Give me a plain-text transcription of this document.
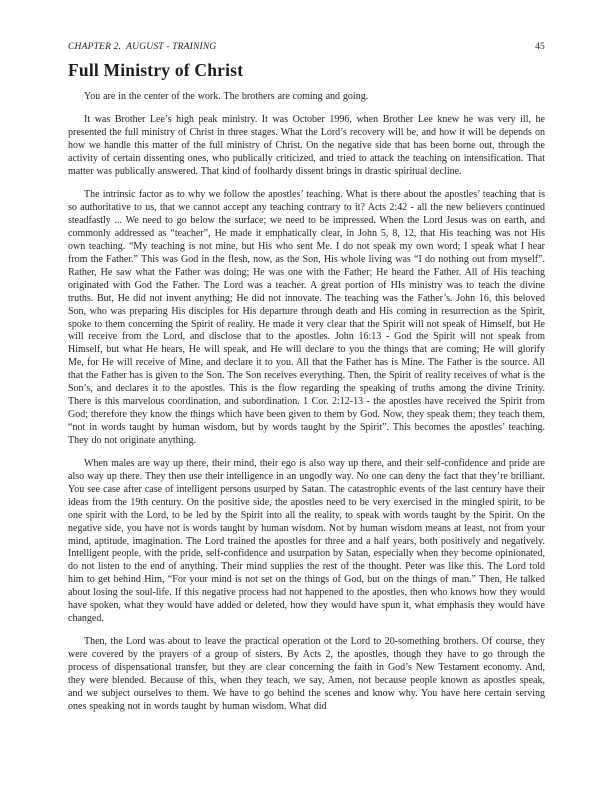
CHAPTER 2.  AUGUST - TRAINING	45
Full Ministry of Christ

You are in the center of the work. The brothers are coming and going.

It was Brother Lee’s high peak ministry. It was October 1996, when Brother Lee knew he was very ill, he presented the full ministry of Christ in three stages. What the Lord’s recovery will be, and how it will be depends on how we handle this matter of the full ministry of Christ. On the negative side that has been borne out, through the activity of certain dissenting ones, who publically criticized, and tried to attack the teaching on intensification. That matter was publically answered. That kind of foolhardy dissent brings in drastic spiritual decline.

The intrinsic factor as to why we follow the apostles’ teaching. What is there about the apostles’ teaching that is so authoritative to us, that we cannot accept any teaching contrary to it? Acts 2:42 - all the new believers continued steadfastly ... We need to go below the surface; we need to be impressed. When the Lord Jesus was on earth, and commonly addressed as “teacher”, He made it emphatically clear, in John 5, 8, 12, that His teaching was not His own teaching. “My teaching is not mine, but His who sent Me. I do not speak my own word; I speak what I hear from the Father.” This was God in the flesh, now, as the Son, His whole living was “I do nothing out from myself”. Rather, He saw what the Father was doing; He was one with the Father; He heard the Father. All of His teaching originated with God the Father. The Lord was a teacher. A great portion of HIs ministry was to teach the divine truths. But, He did not invent anything; He did not innovate. The teaching was the Father’s. John 16, this beloved Son, who was preparing His disciples for His departure through death and His coming in resurrection as the Spirit, spoke to them concerning the Spirit of reality. He made it very clear that the Spirit will not speak of Himself, but He will receive from the Lord, and disclose that to the apostles. John 16:13 - God the Spirit will not speak from Himself, but what He hears, He will speak, and He will declare to you the things that are coming; He will glorify Me, for He will receive of Mine, and declare it to you. All that the Father has is Mine. The Father is the source. All that the Father has is given to the Son. The Son receives everything. Then, the Spirit of reality receives of what is the Son’s, and declares it to the apostles. This is the flow regarding the speaking of truths among the divine Trinity. There is this marvelous coordination, and subordination. 1 Cor. 2:12-13 - the apostles have received the Spirit from God; therefore they know the things which have been given to them by God. Now, they speak them; they teach them, “not in words taught by human wisdom, but by words taught by the Spirit”. This becomes the apostles’ teaching. They do not originate anything.

When males are way up there, their mind, their ego is also way up there, and their self-confidence and pride are also way up there. They then use their intelligence in an ungodly way. No one can deny the fact that they’re brilliant. You see case after case of intelligent persons usurped by Satan. The catastrophic events of the last century have their ideas from the 19th century. On the positive side, the apostles need to be very exercised in the mingled spirit, to be one spirit with the Lord, to be led by the Spirit into all the reality, to speak with words taught by the Spirit. On the negative side, you have not is words taught by human wisdom. Not by human wisdom means at least, not from your mind, aptitude, imagination. The Lord trained the apostles for three and a half years, both positively and negatively. Intelligent people, with the pride, self-confidence and usurpation by Satan, especially when they become opinionated, do not listen to the end of anything. Their mind supplies the rest of the thought. Peter was like this. The Lord told him to get behind Him, “For your mind is not set on the things of God, but on the things of man.” Then, He talked about losing the soul-life. If this negative process had not happened to the apostles, then who knows how they would have spoken, what they would have added or deleted, how they would have spun it, what emphasis they would have changed.

Then, the Lord was about to leave the practical operation ot the Lord to 20-something brothers. Of course, they were covered by the prayers of a group of sisters. By Acts 2, the apostles, though they have to go through the process of dispensational transfer, but they are clear concerning the faith in God’s New Testament economy. And, they were blended. Because of this, when they teach, we say, Amen, not because people known as apostles speak, and we subject ourselves to them. We have to go behind the scenes and know why. You have here certain serving ones speaking not in words taught by human wisdom. What did
